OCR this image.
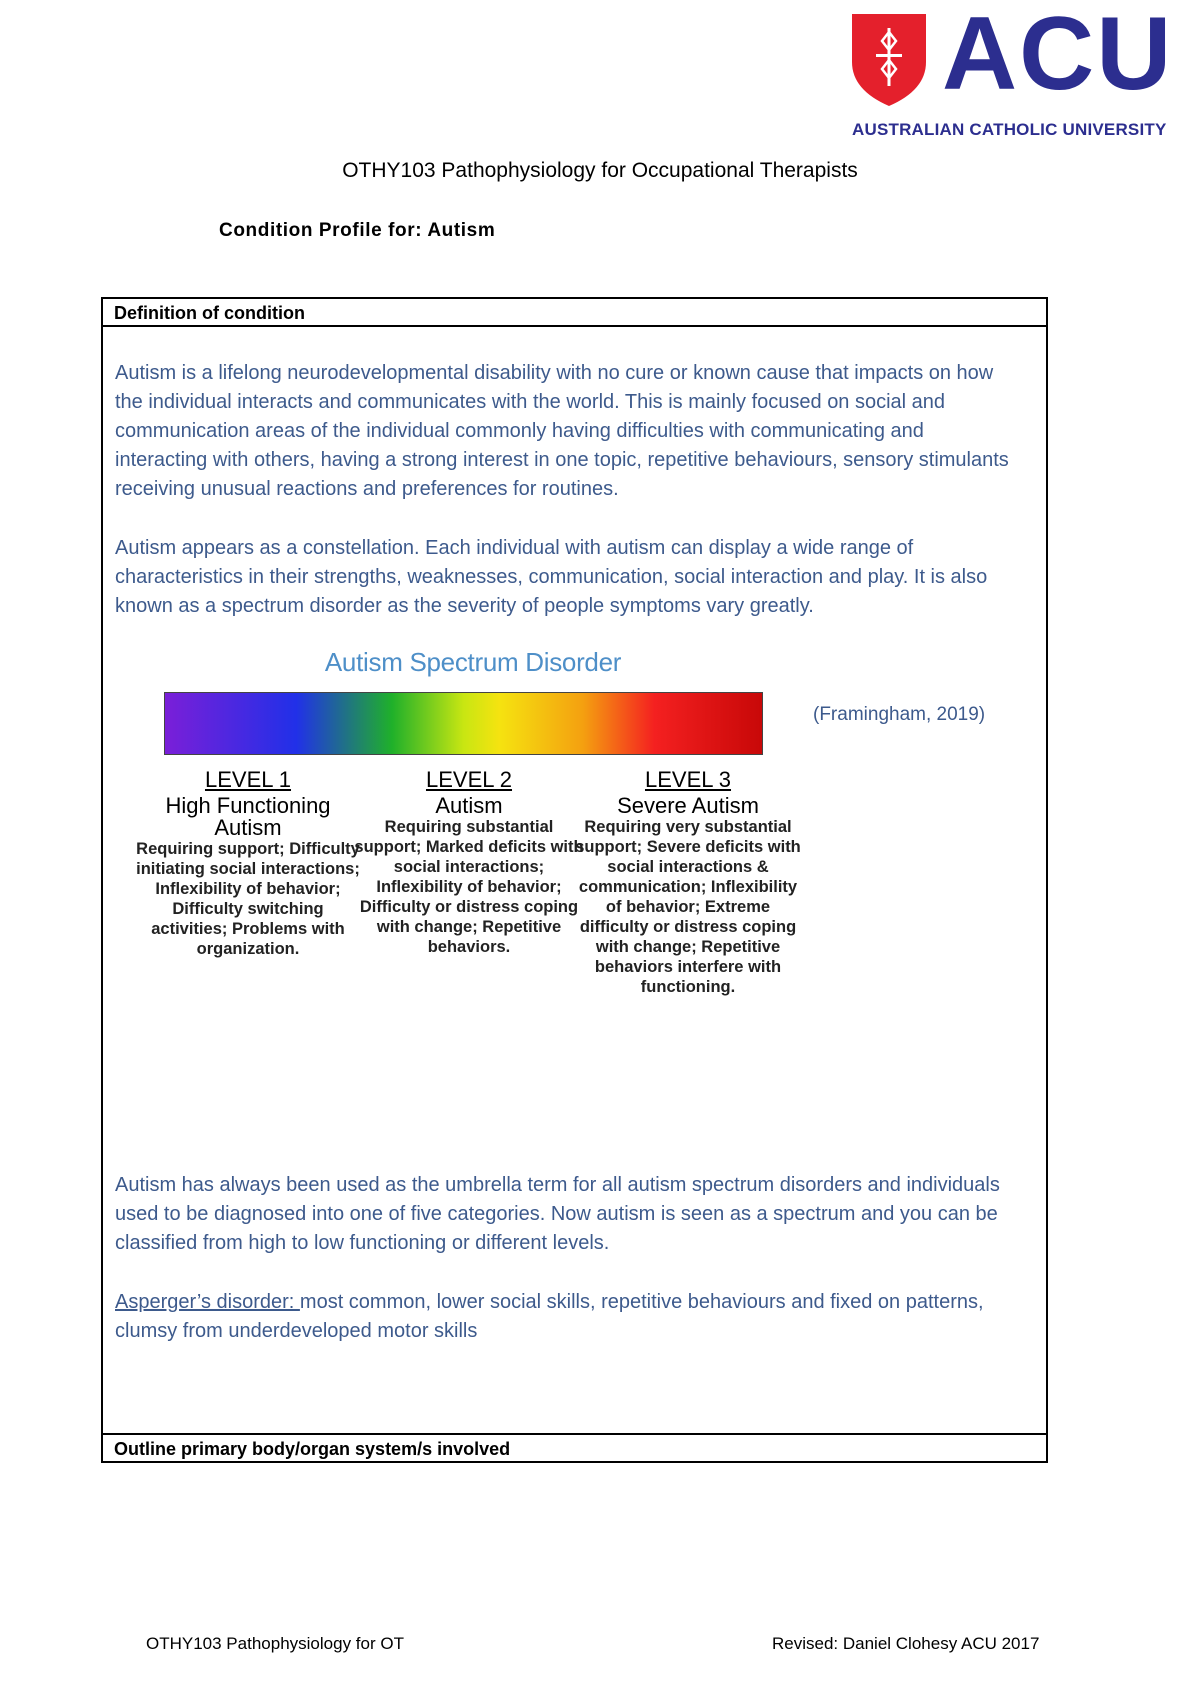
ACU
AUSTRALIAN CATHOLIC UNIVERSITY
OTHY103 Pathophysiology for Occupational Therapists
Condition Profile for: Autism
Definition of condition
Autism is a lifelong neurodevelopmental disability with no cure or known cause that impacts on how the individual interacts and communicates with the world. This is mainly focused on social and communication areas of the individual commonly having difficulties with communicating and interacting with others, having a strong interest in one topic, repetitive behaviours, sensory stimulants receiving unusual reactions and preferences for routines.
Autism appears as a constellation. Each individual with autism can display a wide range of characteristics in their strengths, weaknesses, communication, social interaction and play. It is also known as a spectrum disorder as the severity of people symptoms vary greatly.
Autism Spectrum Disorder
LEVEL 1
High Functioning
Autism
Requiring support; Difficulty initiating social interactions; Inflexibility of behavior; Difficulty switching activities; Problems with organization.
LEVEL 2
Autism
Requiring substantial support; Marked deficits with social interactions; Inflexibility of behavior; Difficulty or distress coping with change; Repetitive behaviors.
LEVEL 3
Severe Autism
Requiring very substantial support; Severe deficits with social interactions & communication; Inflexibility of behavior; Extreme difficulty or distress coping with change; Repetitive behaviors interfere with functioning.
(Framingham, 2019)
Autism has always been used as the umbrella term for all autism spectrum disorders and individuals used to be diagnosed into one of five categories. Now autism is seen as a spectrum and you can be classified from high to low functioning or different levels.
Asperger’s disorder: most common, lower social skills, repetitive behaviours and fixed on patterns, clumsy from underdeveloped motor skills
Outline primary body/organ system/s involved
OTHY103 Pathophysiology for OT	Revised: Daniel Clohesy ACU 2017
